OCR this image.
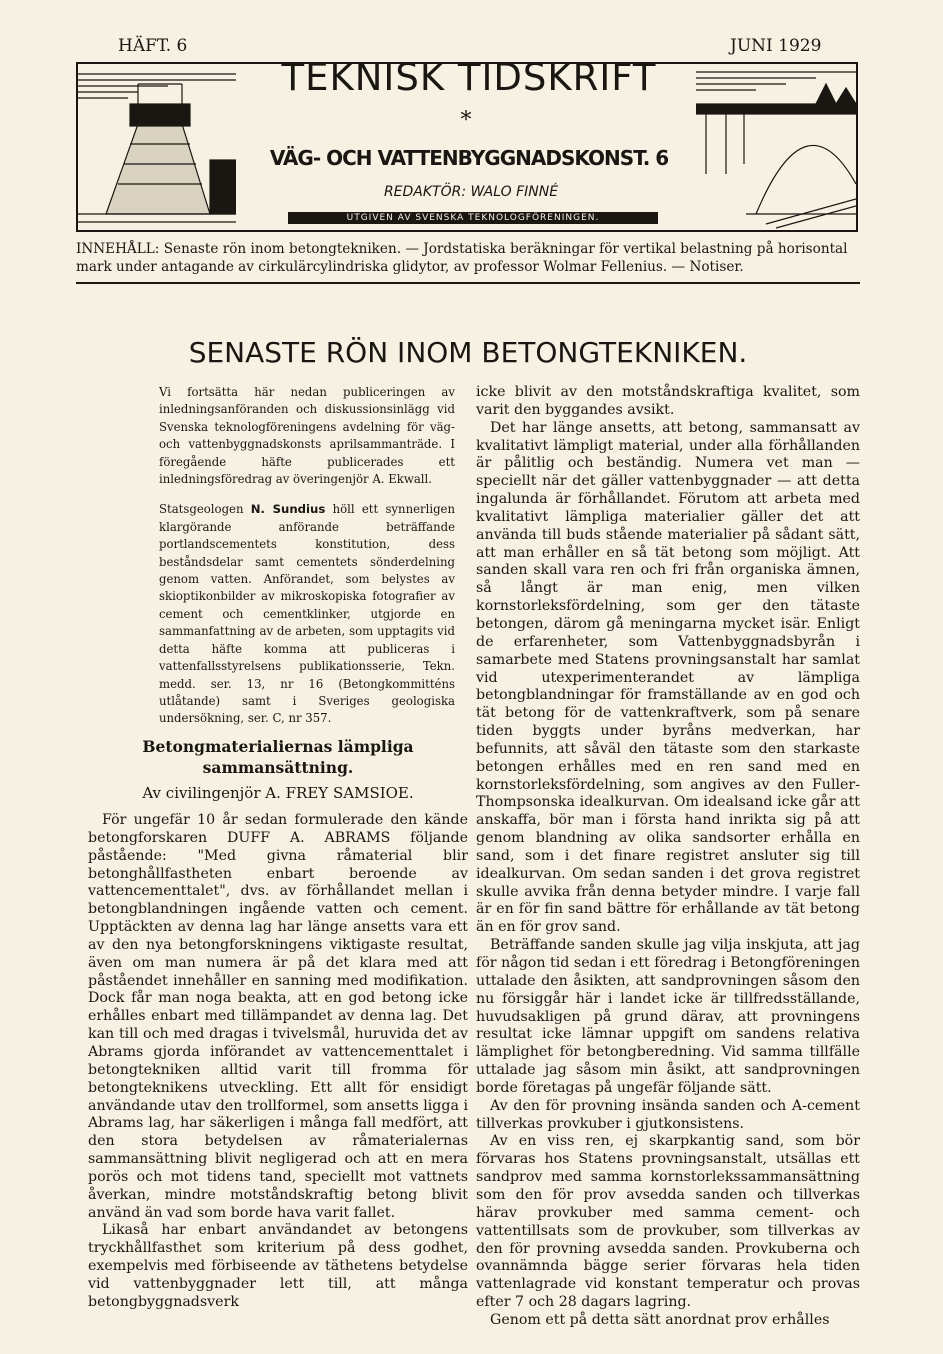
HÄFT. 6	JUNI 1929
TEKNISK TIDSKRIFT
*
VÄG- OCH VATTENBYGGNADSKONST. 6
REDAKTÖR: WALO FINNÉ
UTGIVEN AV SVENSKA TEKNOLOGFÖRENINGEN.
INNEHÅLL: Senaste rön inom betongtekniken. — Jordstatiska beräkningar för vertikal belastning på horisontal mark under antagande av cirkulärcylindriska glidytor, av professor Wolmar Fellenius. — Notiser.
SENASTE RÖN INOM BETONGTEKNIKEN.

Vi fortsätta här nedan publiceringen av inledningsanföranden och diskussionsinlägg vid Svenska teknologföreningens avdelning för väg- och vattenbyggnadskonsts aprilsammanträde. I föregående häfte publicerades ett inledningsföredrag av överingenjör A. Ekwall.

Statsgeologen N. Sundius höll ett synnerligen klargörande anförande beträffande portlandscementets konstitution, dess beståndsdelar samt cementets sönderdelning genom vatten. Anförandet, som belystes av skioptikonbilder av mikroskopiska fotografier av cement och cementklinker, utgjorde en sammanfattning av de arbeten, som upptagits vid detta häfte komma att publiceras i vattenfallsstyrelsens publikationsserie, Tekn. medd. ser. 13, nr 16 (Betongkommitténs utlåtande) samt i Sveriges geologiska undersökning, ser. C, nr 357.

Betongmaterialiernas lämpliga sammansättning.
Av civilingenjör A. FREY SAMSIOE.

För ungefär 10 år sedan formulerade den kände betongforskaren DUFF A. ABRAMS följande påstående: "Med givna råmaterial blir betonghållfastheten enbart beroende av vattencementtalet", dvs. av förhållandet mellan i betongblandningen ingående vatten och cement. Upptäckten av denna lag har länge ansetts vara ett av den nya betongforskningens viktigaste resultat, även om man numera är på det klara med att påståendet innehåller en sanning med modifikation. Dock får man noga beakta, att en god betong icke erhålles enbart med tillämpandet av denna lag. Det kan till och med dragas i tvivelsmål, huruvida det av Abrams gjorda införandet av vattencementtalet i betongtekniken alltid varit till fromma för betongteknikens utveckling. Ett allt för ensidigt användande utav den trollformel, som ansetts ligga i Abrams lag, har säkerligen i många fall medfört, att den stora betydelsen av råmaterialernas sammansättning blivit negligerad och att en mera porös och mot tidens tand, speciellt mot vattnets åverkan, mindre motståndskraftig betong blivit använd än vad som borde hava varit fallet.

Likaså har enbart användandet av betongens tryckhållfasthet som kriterium på dess godhet, exempelvis med förbiseende av täthetens betydelse vid vattenbyggnader lett till, att många betongbyggnadsverk

icke blivit av den motståndskraftiga kvalitet, som varit den byggandes avsikt.

Det har länge ansetts, att betong, sammansatt av kvalitativt lämpligt material, under alla förhållanden är pålitlig och beständig. Numera vet man — speciellt när det gäller vattenbyggnader — att detta ingalunda är förhållandet. Förutom att arbeta med kvalitativt lämpliga materialier gäller det att använda till buds stående materialier på sådant sätt, att man erhåller en så tät betong som möjligt. Att sanden skall vara ren och fri från organiska ämnen, så långt är man enig, men vilken kornstorleksfördelning, som ger den tätaste betongen, därom gå meningarna mycket isär. Enligt de erfarenheter, som Vattenbyggnadsbyrån i samarbete med Statens provningsanstalt har samlat vid utexperimenterandet av lämpliga betongblandningar för framställande av en god och tät betong för de vattenkraftverk, som på senare tiden byggts under byråns medverkan, har befunnits, att såväl den tätaste som den starkaste betongen erhålles med en ren sand med en kornstorleksfördelning, som angives av den Fuller-Thompsonska idealkurvan. Om idealsand icke går att anskaffa, bör man i första hand inrikta sig på att genom blandning av olika sandsorter erhålla en sand, som i det finare registret ansluter sig till idealkurvan. Om sedan sanden i det grova registret skulle avvika från denna betyder mindre. I varje fall är en för fin sand bättre för erhållande av tät betong än en för grov sand.

Beträffande sanden skulle jag vilja inskjuta, att jag för någon tid sedan i ett föredrag i Betongföreningen uttalade den åsikten, att sandprovningen såsom den nu försiggår här i landet icke är tillfredsställande, huvudsakligen på grund därav, att provningens resultat icke lämnar uppgift om sandens relativa lämplighet för betongberedning. Vid samma tillfälle uttalade jag såsom min åsikt, att sandprovningen borde företagas på ungefär följande sätt.

Av den för provning insända sanden och A-cement tillverkas provkuber i gjutkonsistens.

Av en viss ren, ej skarpkantig sand, som bör förvaras hos Statens provningsanstalt, utsällas ett sandprov med samma kornstorlekssammansättning som den för prov avsedda sanden och tillverkas härav provkuber med samma cement- och vattentillsats som de provkuber, som tillverkas av den för provning avsedda sanden. Provkuberna och ovannämnda bägge serier förvaras hela tiden vattenlagrade vid konstant temperatur och provas efter 7 och 28 dagars lagring.

Genom ett på detta sätt anordnat prov erhålles
